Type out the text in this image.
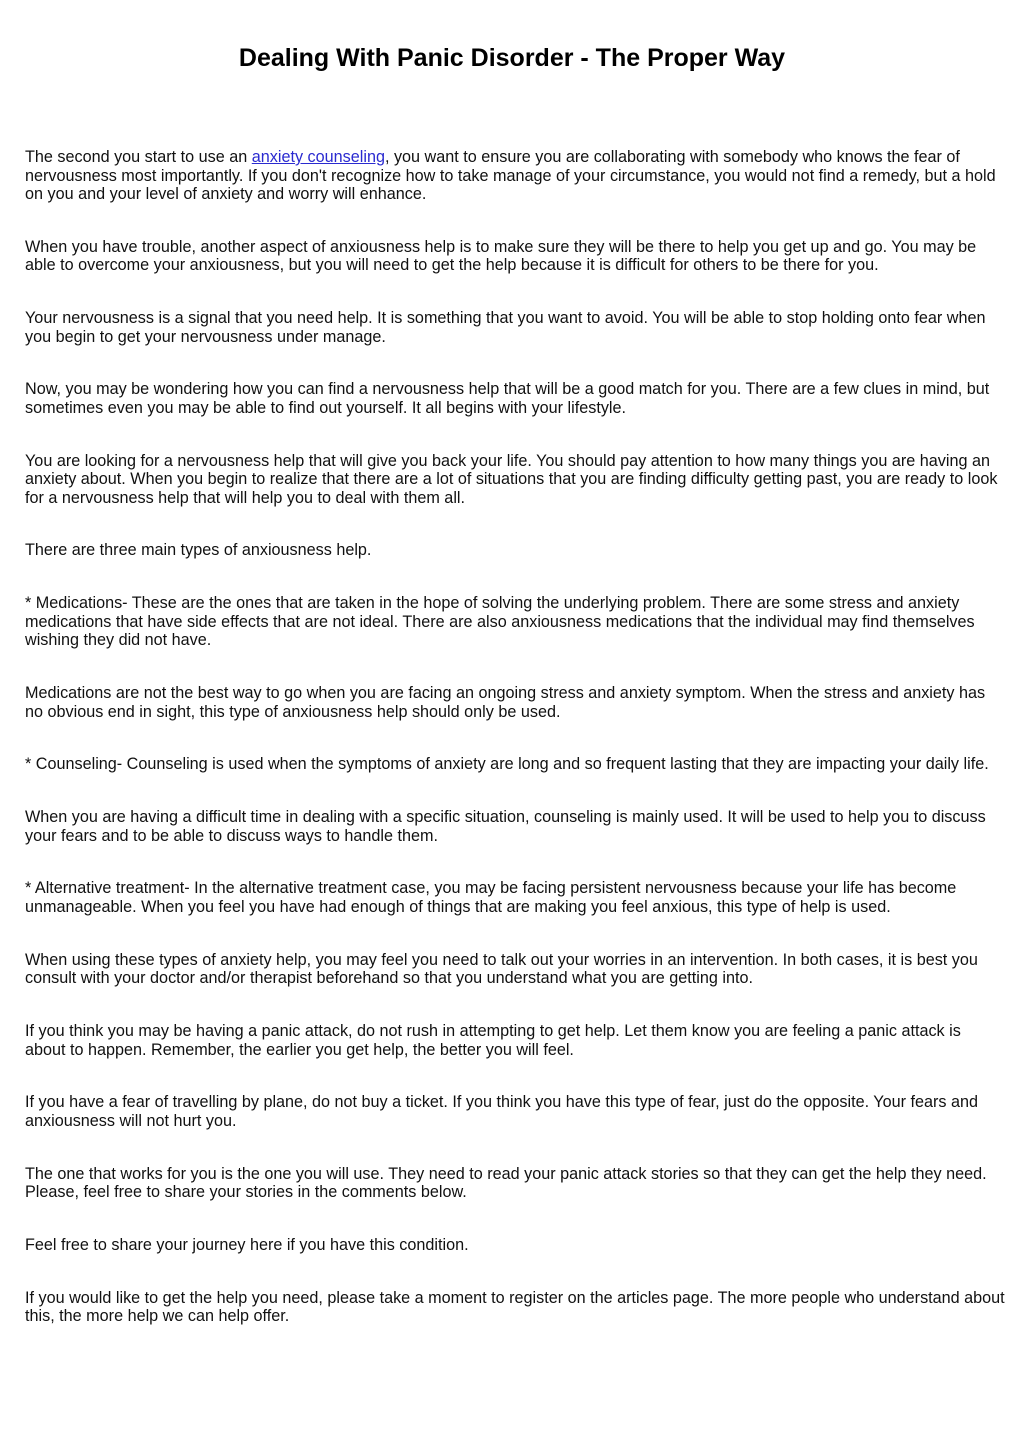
Dealing With Panic Disorder - The Proper Way

The second you start to use an anxiety counseling, you want to ensure you are collaborating with somebody who knows the fear of nervousness most importantly. If you don't recognize how to take manage of your circumstance, you would not find a remedy, but a hold on you and your level of anxiety and worry will enhance.

When you have trouble, another aspect of anxiousness help is to make sure they will be there to help you get up and go. You may be able to overcome your anxiousness, but you will need to get the help because it is difficult for others to be there for you.

Your nervousness is a signal that you need help. It is something that you want to avoid. You will be able to stop holding onto fear when you begin to get your nervousness under manage.

Now, you may be wondering how you can find a nervousness help that will be a good match for you. There are a few clues in mind, but sometimes even you may be able to find out yourself. It all begins with your lifestyle.

You are looking for a nervousness help that will give you back your life. You should pay attention to how many things you are having an anxiety about. When you begin to realize that there are a lot of situations that you are finding difficulty getting past, you are ready to look for a nervousness help that will help you to deal with them all.

There are three main types of anxiousness help.

* Medications- These are the ones that are taken in the hope of solving the underlying problem. There are some stress and anxiety medications that have side effects that are not ideal. There are also anxiousness medications that the individual may find themselves wishing they did not have.

Medications are not the best way to go when you are facing an ongoing stress and anxiety symptom. When the stress and anxiety has no obvious end in sight, this type of anxiousness help should only be used.

* Counseling- Counseling is used when the symptoms of anxiety are long and so frequent lasting that they are impacting your daily life.

When you are having a difficult time in dealing with a specific situation, counseling is mainly used. It will be used to help you to discuss your fears and to be able to discuss ways to handle them.

* Alternative treatment- In the alternative treatment case, you may be facing persistent nervousness because your life has become unmanageable. When you feel you have had enough of things that are making you feel anxious, this type of help is used.

When using these types of anxiety help, you may feel you need to talk out your worries in an intervention. In both cases, it is best you consult with your doctor and/or therapist beforehand so that you understand what you are getting into.

If you think you may be having a panic attack, do not rush in attempting to get help. Let them know you are feeling a panic attack is about to happen. Remember, the earlier you get help, the better you will feel.

If you have a fear of travelling by plane, do not buy a ticket. If you think you have this type of fear, just do the opposite. Your fears and anxiousness will not hurt you.

The one that works for you is the one you will use. They need to read your panic attack stories so that they can get the help they need. Please, feel free to share your stories in the comments below.

Feel free to share your journey here if you have this condition.

If you would like to get the help you need, please take a moment to register on the articles page. The more people who understand about this, the more help we can help offer.
